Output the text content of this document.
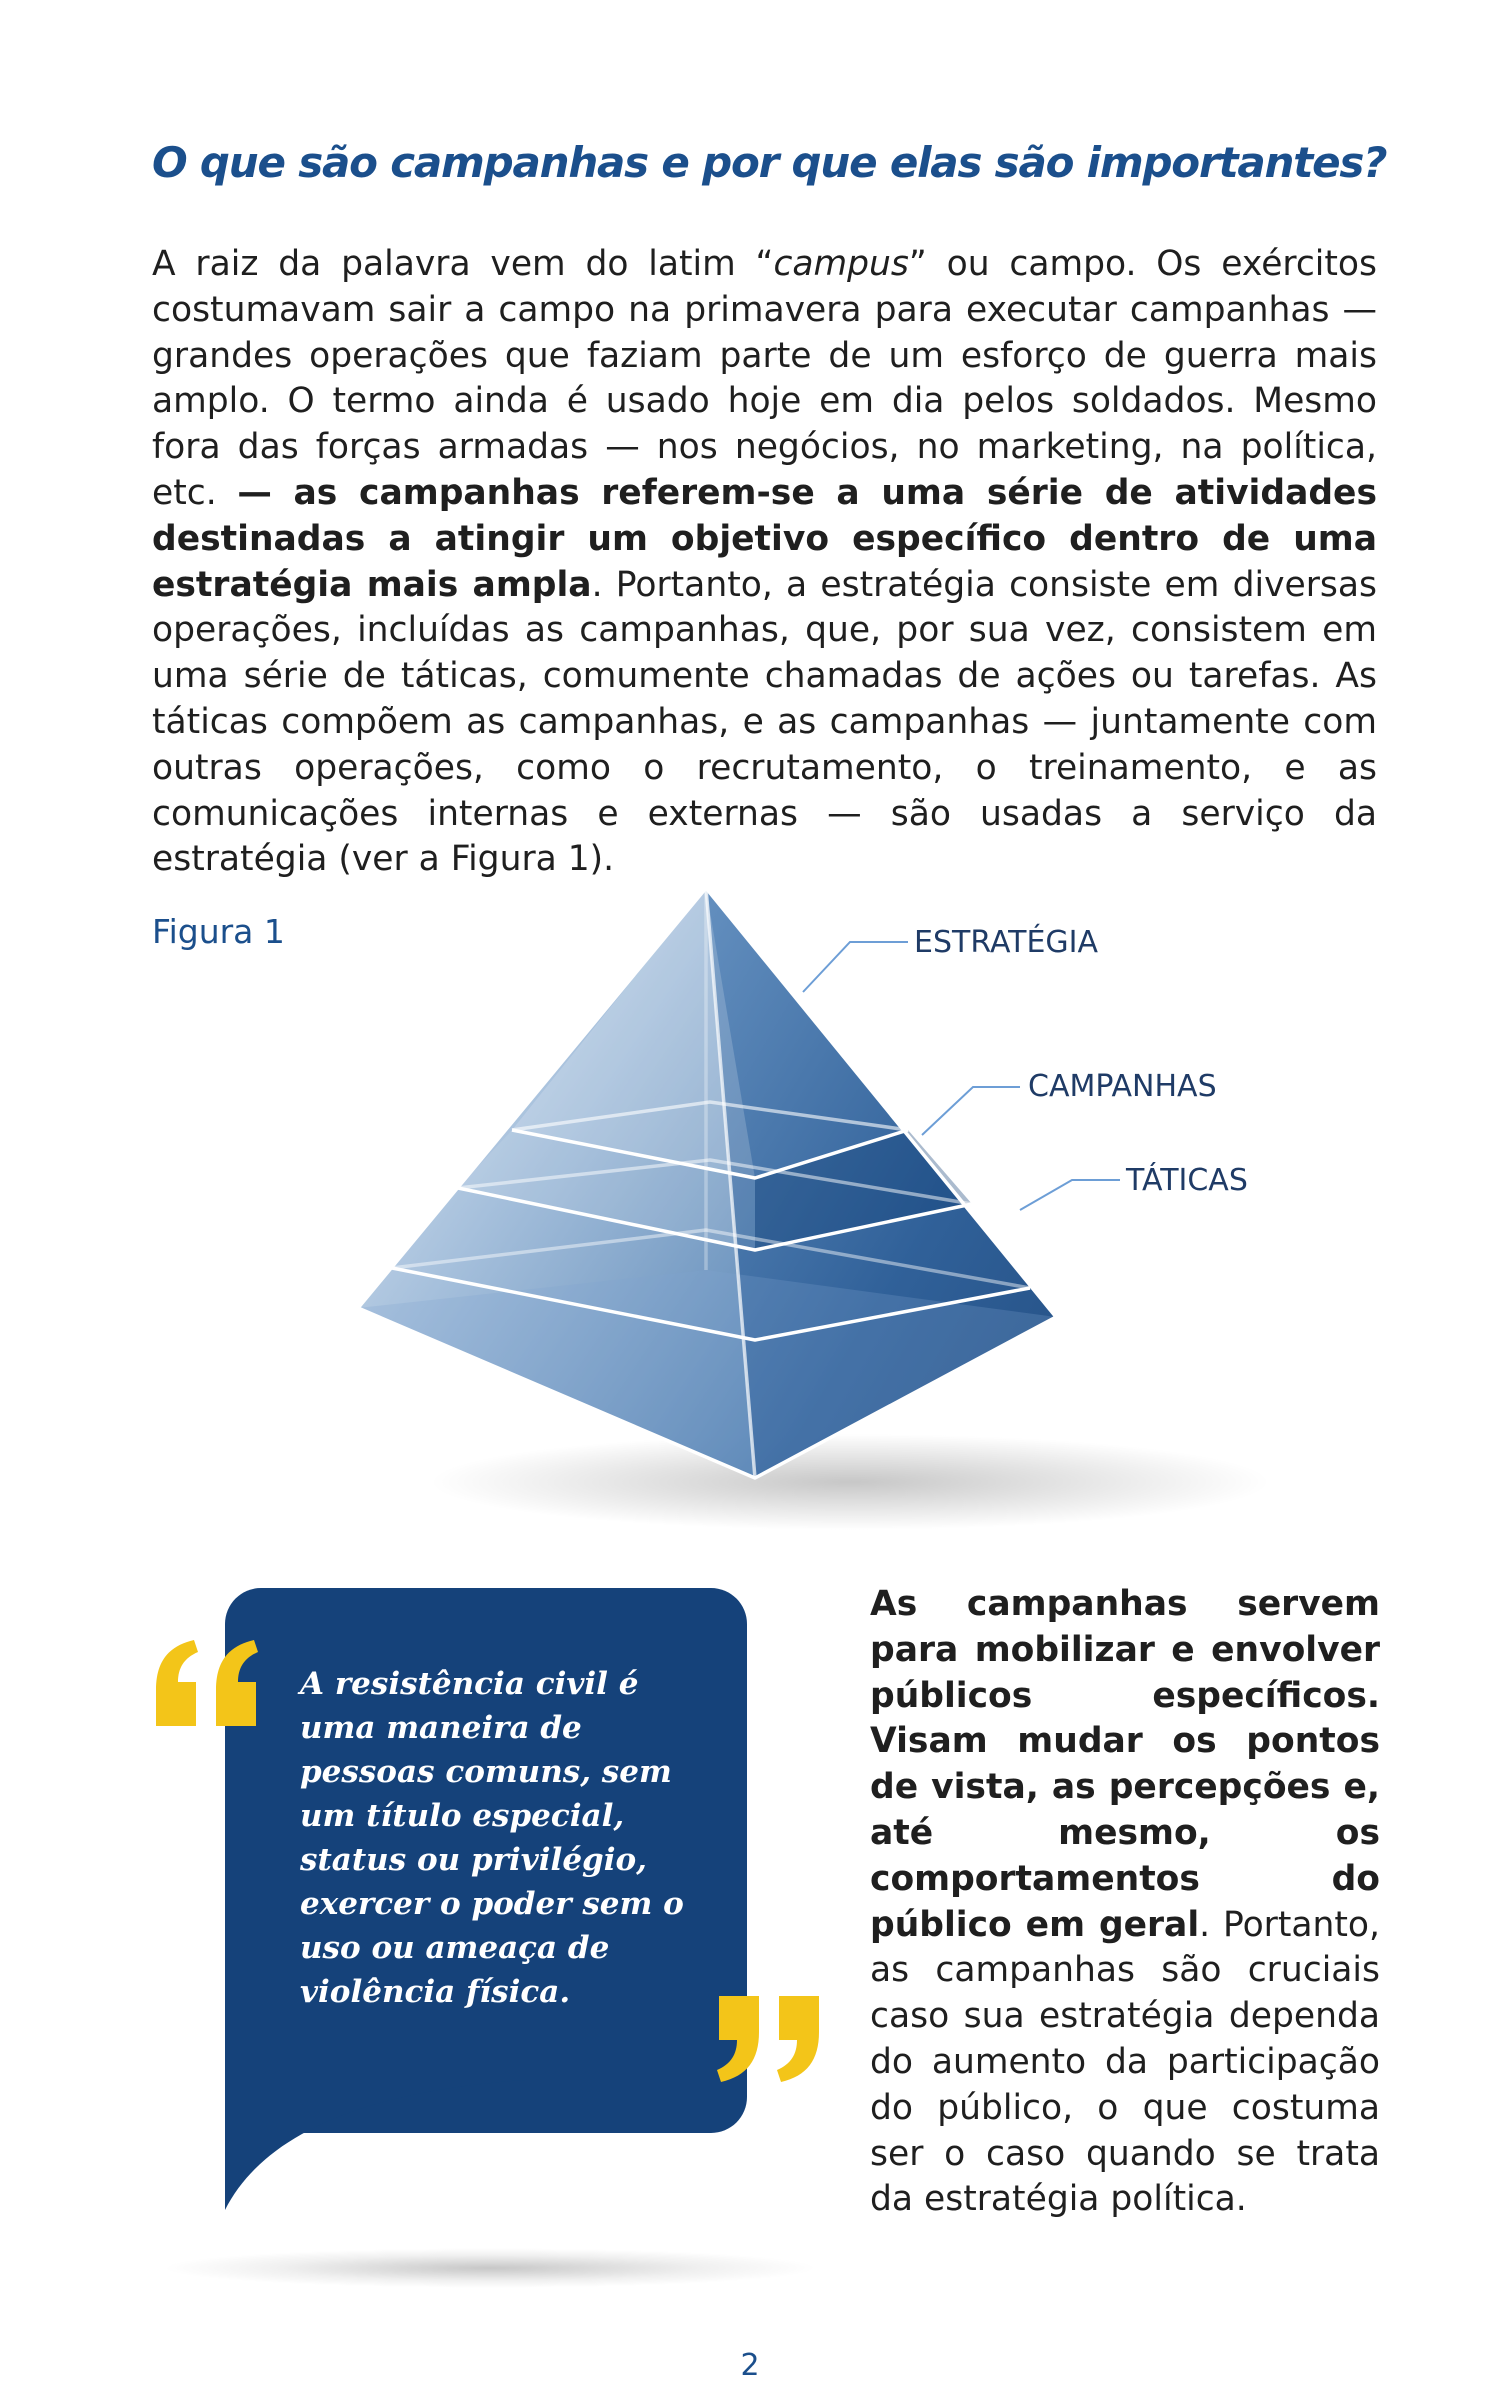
O que são campanhas e por que elas são importantes?

A raiz da palavra vem do latim “campus” ou campo. Os exércitos costumavam sair a campo na primavera para executar campanhas — grandes operações que faziam parte de um esforço de guerra mais amplo. O termo ainda é usado hoje em dia pelos soldados. Mesmo fora das forças armadas — nos negócios, no marketing, na política, etc. — as campanhas referem-se a uma série de atividades destinadas a atingir um objetivo específico dentro de uma estratégia mais ampla. Portanto, a estratégia consiste em diversas operações, incluídas as campanhas, que, por sua vez, consistem em uma série de táticas, comumente chamadas de ações ou tarefas. As táticas compõem as campanhas, e as campanhas — juntamente com outras operações, como o recrutamento, o treinamento, e as comunicações internas e externas — são usadas a serviço da estratégia (ver a Figura 1).

Figura 1	ESTRATÉGIA
CAMPANHAS
TÁTICAS

A resistência civil é uma maneira de pessoas comuns, sem um título especial, status ou privilégio, exercer o poder sem o uso ou ameaça de violência física.

As campanhas servem para mobilizar e envolver públicos específicos. Visam mudar os pontos de vista, as percepções e, até mesmo, os comportamentos do público em geral. Portanto, as campanhas são cruciais caso sua estratégia dependa do aumento da participação do público, o que costuma ser o caso quando se trata da estratégia política.

2
